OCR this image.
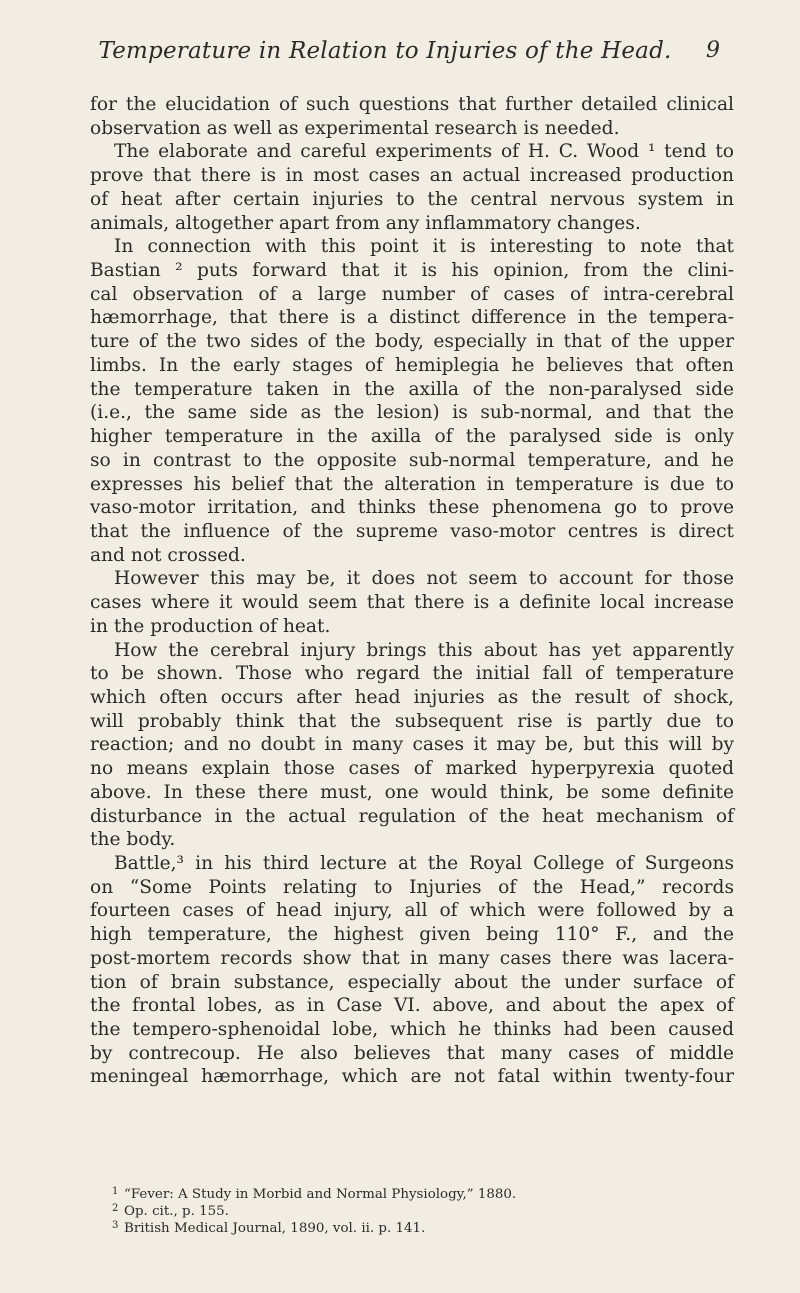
Temperature in Relation to Injuries of the Head.	9
for the elucidation of such questions that further detailed clinical
observation as well as experimental research is needed.
The elaborate and careful experiments of H. C. Wood ¹ tend to
prove that there is in most cases an actual increased production
of heat after certain injuries to the central nervous system in
animals, altogether apart from any inflammatory changes.
In connection with this point it is interesting to note that
Bastian ² puts forward that it is his opinion, from the clini-
cal observation of a large number of cases of intra-cerebral
hæmorrhage, that there is a distinct difference in the tempera-
ture of the two sides of the body, especially in that of the upper
limbs. In the early stages of hemiplegia he believes that often
the temperature taken in the axilla of the non-paralysed side
(i.e., the same side as the lesion) is sub-normal, and that the
higher temperature in the axilla of the paralysed side is only
so in contrast to the opposite sub-normal temperature, and he
expresses his belief that the alteration in temperature is due to
vaso-motor irritation, and thinks these phenomena go to prove
that the influence of the supreme vaso-motor centres is direct
and not crossed.
However this may be, it does not seem to account for those
cases where it would seem that there is a definite local increase
in the production of heat.
How the cerebral injury brings this about has yet apparently
to be shown. Those who regard the initial fall of temperature
which often occurs after head injuries as the result of shock,
will probably think that the subsequent rise is partly due to
reaction; and no doubt in many cases it may be, but this will by
no means explain those cases of marked hyperpyrexia quoted
above. In these there must, one would think, be some definite
disturbance in the actual regulation of the heat mechanism of
the body.
Battle,³ in his third lecture at the Royal College of Surgeons
on “Some Points relating to Injuries of the Head,” records
fourteen cases of head injury, all of which were followed by a
high temperature, the highest given being 110° F., and the
post-mortem records show that in many cases there was lacera-
tion of brain substance, especially about the under surface of
the frontal lobes, as in Case VI. above, and about the apex of
the tempero-sphenoidal lobe, which he thinks had been caused
by contrecoup. He also believes that many cases of middle
meningeal hæmorrhage, which are not fatal within twenty-four
1 “Fever: A Study in Morbid and Normal Physiology,” 1880.
2 Op. cit., p. 155.
3 British Medical Journal, 1890, vol. ii. p. 141.
